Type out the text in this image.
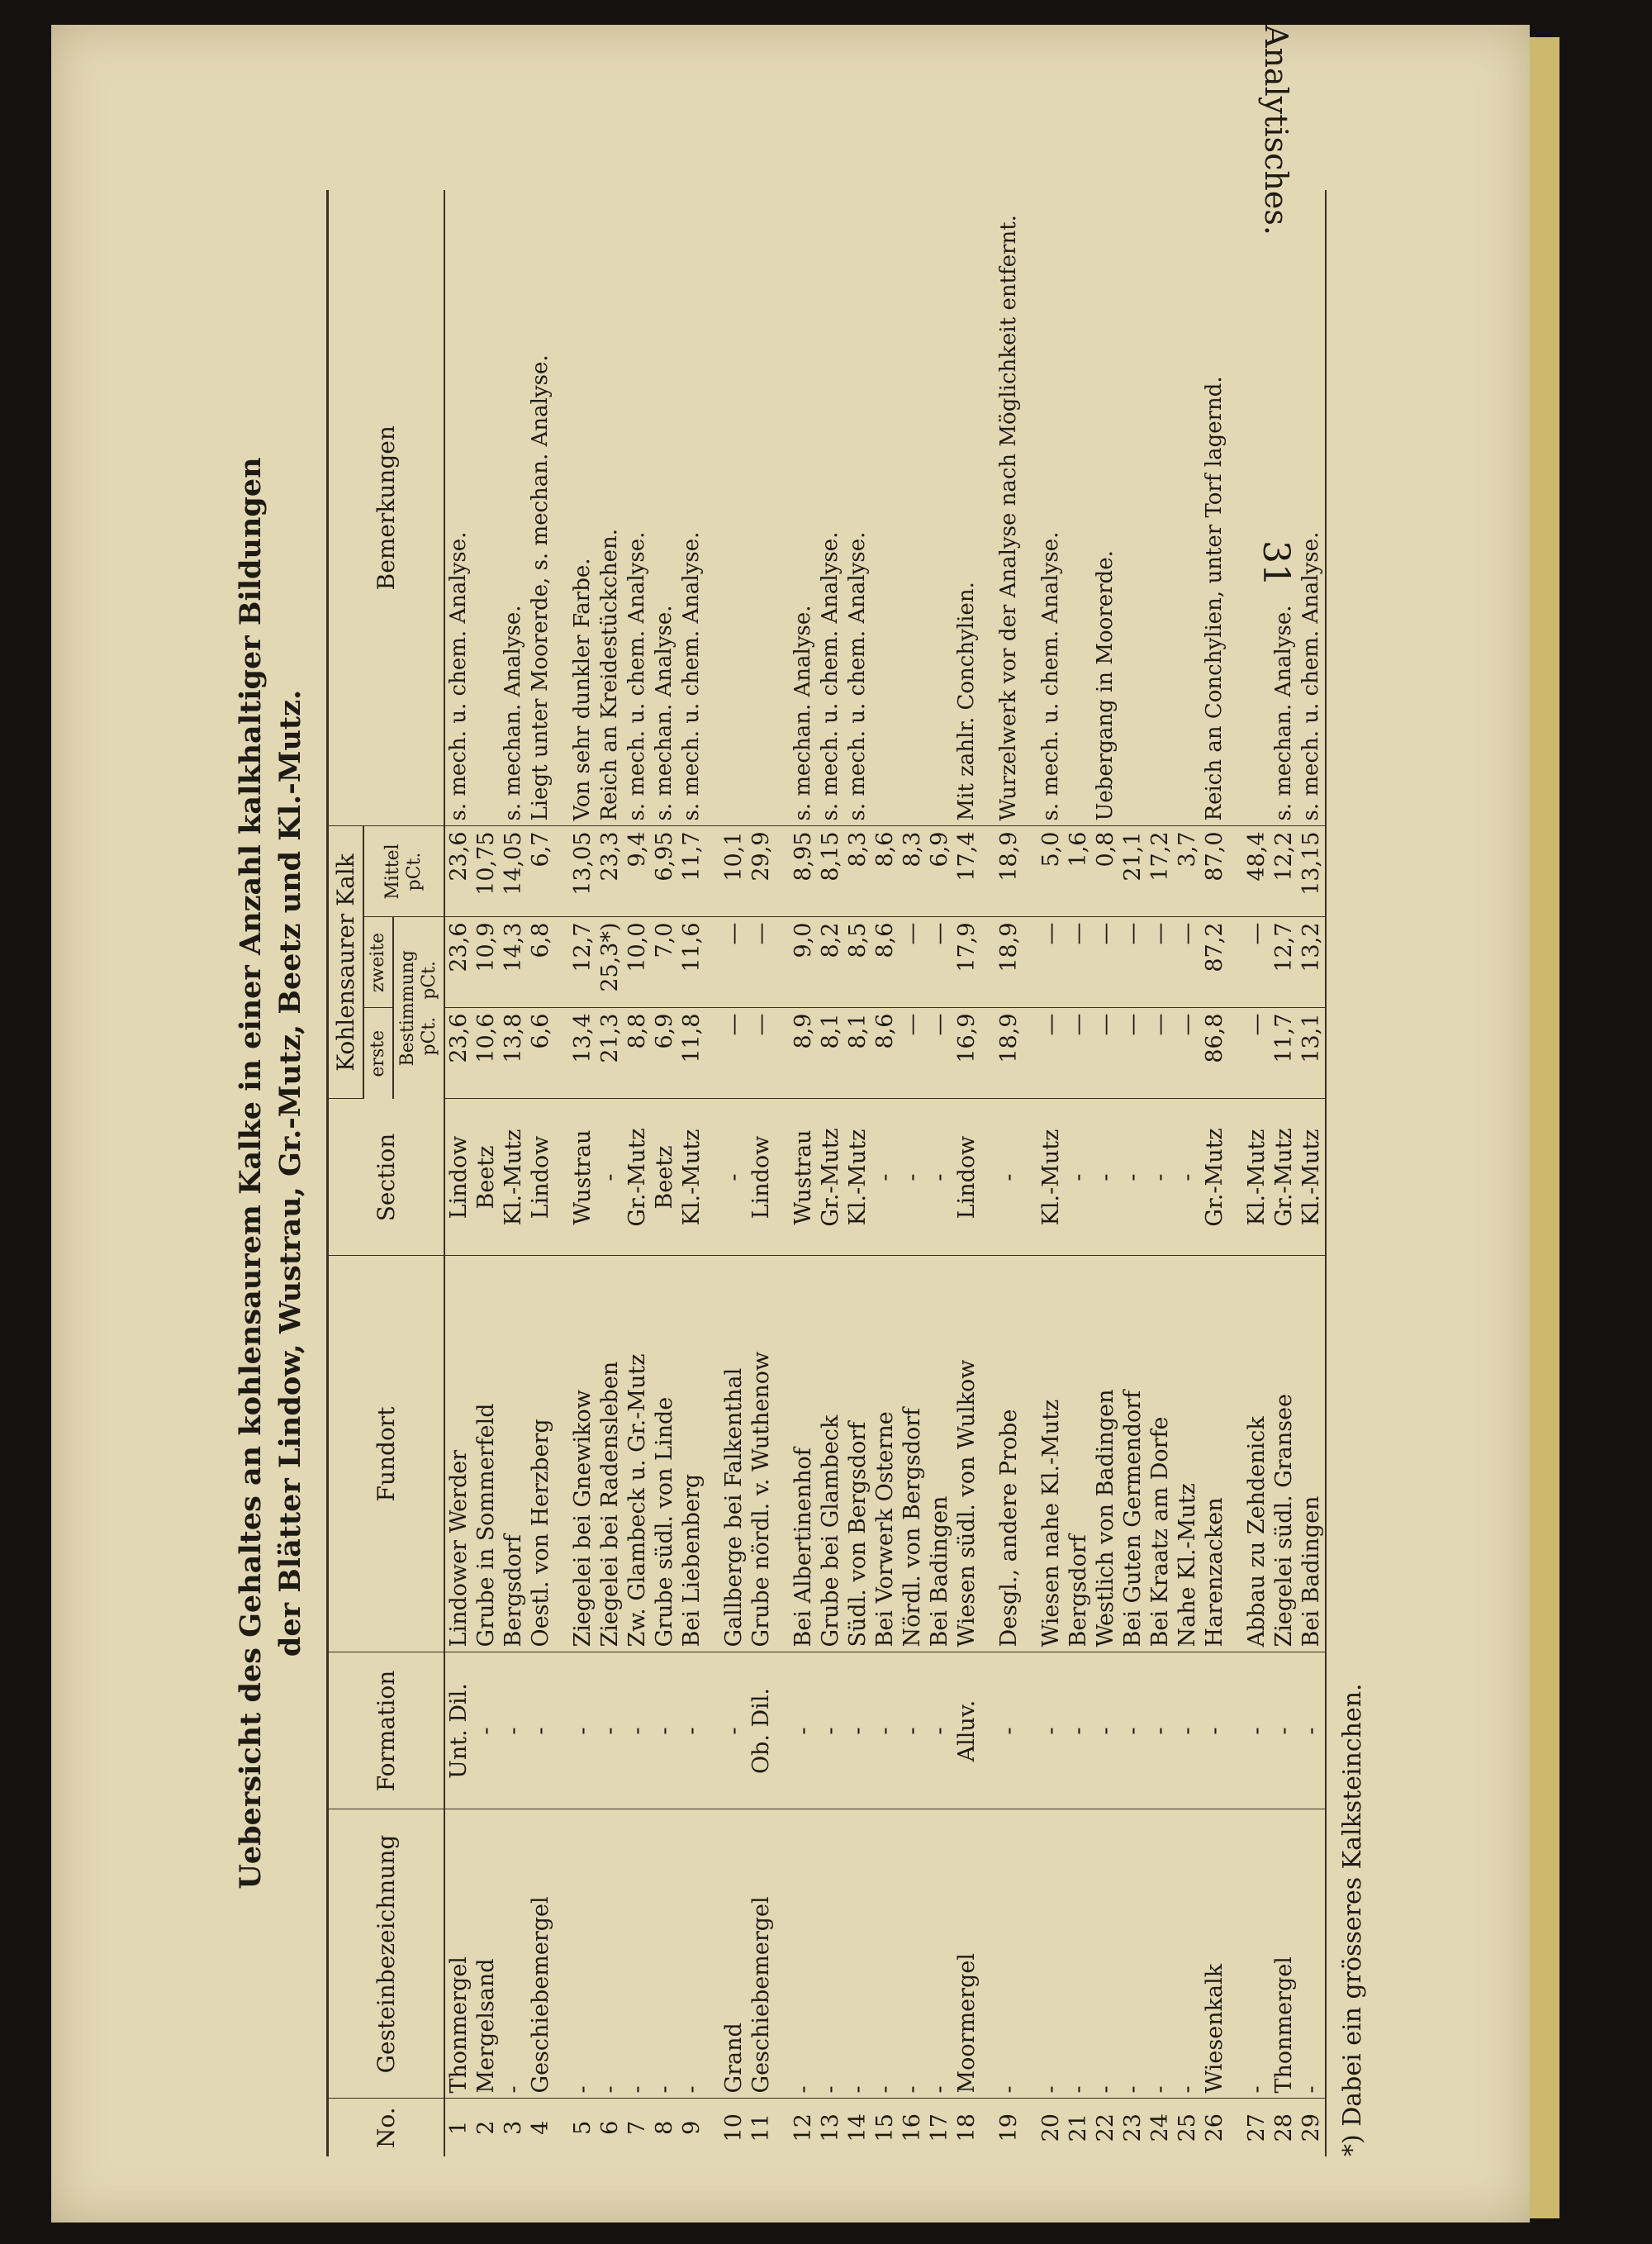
Analytisches.
31
Uebersicht des Gehaltes an kohlensaurem Kalke in einer Anzahl kalkhaltiger Bildungen der Blätter Lindow, Wustrau, Gr.-Mutz, Beetz und Kl.-Mutz.
No.	Gesteinbezeichnung	Formation	Fundort	Section	Kohlensaurer Kalk			Bemerkungen
					erste	zweite	Mittel
pCt.	
					Bestimmung
pCt.   pCt.			
1	Thonmergel	Unt. Dil.	Lindower Werder	Lindow	23,6	23,6	23,6	s. mech. u. chem. Analyse.
2	Mergelsand	-	Grube in Sommerfeld	Beetz	10,6	10,9	10,75	
3	-	-	Bergsdorf	Kl.-Mutz	13,8	14,3	14,05	s. mechan. Analyse.
4	Geschiebemergel	-	Oestl. von Herzberg	Lindow	6,6	6,8	6,7	Liegt unter Moorerde, s. mechan. Analyse.
5	-	-	Ziegelei bei Gnewikow	Wustrau	13,4	12,7	13,05	Von sehr dunkler Farbe.
6	-	-	Ziegelei bei Radensleben	-	21,3	25,3*)	23,3	Reich an Kreidestückchen.
7	-	-	Zw. Glambeck u. Gr.-Mutz	Gr.-Mutz	8,8	10,0	9,4	s. mech. u. chem. Analyse.
8	-	-	Grube südl. von Linde	Beetz	6,9	7,0	6,95	s. mechan. Analyse.
9	-	-	Bei Liebenberg	Kl.-Mutz	11,8	11,6	11,7	s. mech. u. chem. Analyse.
10	Grand	-	Gallberge bei Falkenthal	-	—	—	10,1	
11	Geschiebemergel	Ob. Dil.	Grube nördl. v. Wuthenow	Lindow	—	—	29,9	
12	-	-	Bei Albertinenhof	Wustrau	8,9	9,0	8,95	s. mechan. Analyse.
13	-	-	Grube bei Glambeck	Gr.-Mutz	8,1	8,2	8,15	s. mech. u. chem. Analyse.
14	-	-	Südl. von Bergsdorf	Kl.-Mutz	8,1	8,5	8,3	s. mech. u. chem. Analyse.
15	-	-	Bei Vorwerk Osterne	-	8,6	8,6	8,6	
16	-	-	Nördl. von Bergsdorf	-	—	—	8,3	
17	-	-	Bei Badingen	-	—	—	6,9	
18	Moormergel	Alluv.	Wiesen südl. von Wulkow	Lindow	16,9	17,9	17,4	Mit zahlr. Conchylien.
19	-	-	Desgl., andere Probe	-	18,9	18,9	18,9	Wurzelwerk vor der Analyse nach Möglichkeit entfernt.
20	-	-	Wiesen nahe Kl.-Mutz	Kl.-Mutz	—	—	5,0	s. mech. u. chem. Analyse.
21	-	-	Bergsdorf	-	—	—	1,6	
22	-	-	Westlich von Badingen	-	—	—	0,8	Uebergang in Moorerde.
23	-	-	Bei Guten Germendorf	-	—	—	21,1	
24	-	-	Bei Kraatz am Dorfe	-	—	—	17,2	
25	-	-	Nahe Kl.-Mutz	-	—	—	3,7	
26	Wiesenkalk	-	Harenzacken	Gr.-Mutz	86,8	87,2	87,0	Reich an Conchylien, unter Torf lagernd.
27	-	-	Abbau zu Zehdenick	Kl.-Mutz	—	—	48,4	
28	Thonmergel	-	Ziegelei südl. Gransee	Gr.-Mutz	11,7	12,7	12,2	s. mechan. Analyse.
29	-	-	Bei Badingen	Kl.-Mutz	13,1	13,2	13,15	s. mech. u. chem. Analyse.

*) Dabei ein grösseres Kalksteinchen.
